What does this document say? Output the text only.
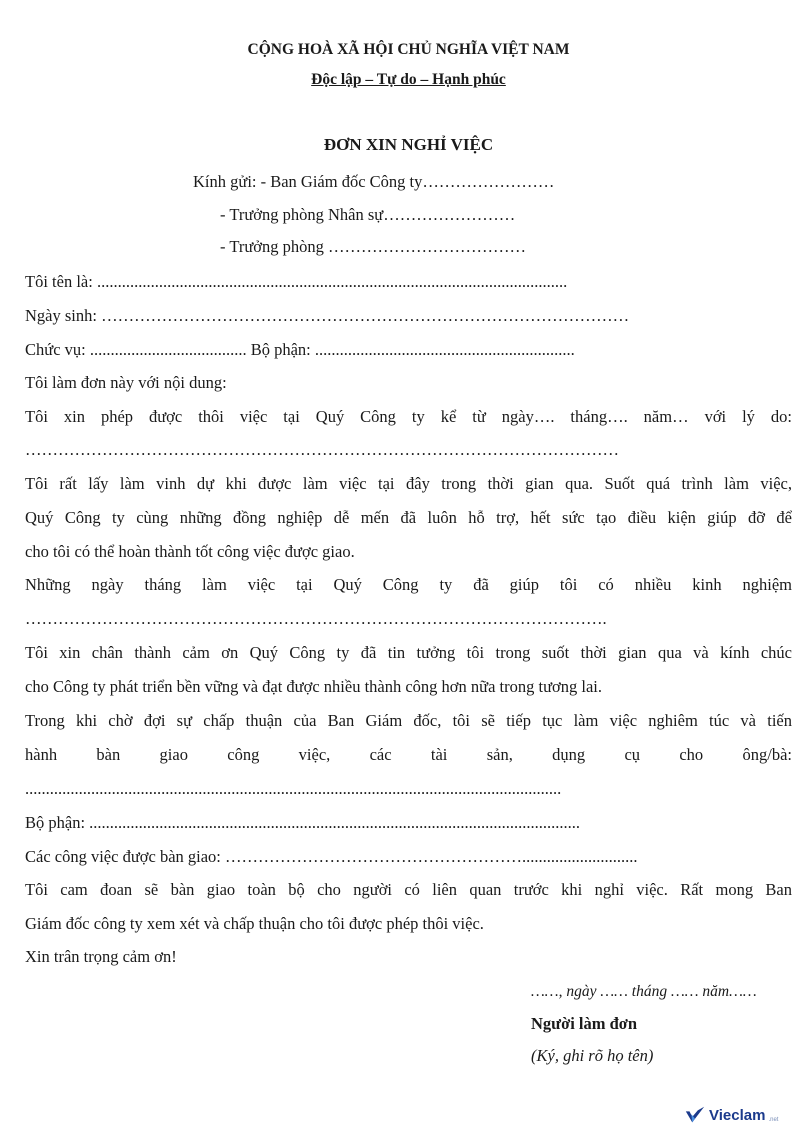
CỘNG HOÀ XÃ HỘI CHỦ NGHĨA VIỆT NAM
Độc lập – Tự do – Hạnh phúc
ĐƠN XIN NGHỈ VIỆC
Kính gửi: - Ban Giám đốc Công ty……………………
- Trưởng phòng Nhân sự……………………
- Trưởng phòng ………………………………
Tôi tên là: ..................................................................................................................
Ngày sinh: ……………………………………………………………………………………
Chức vụ: ...................................... Bộ phận: ...............................................................
Tôi làm đơn này với nội dung:
Tôi xin phép được thôi việc tại Quý Công ty kể từ ngày…. tháng…. năm… với lý do:
………………………………………………………………………………………………
Tôi rất lấy làm vinh dự khi được làm việc tại đây trong thời gian qua. Suốt quá trình làm việc,
Quý Công ty cùng những đồng nghiệp dễ mến đã luôn hỗ trợ, hết sức tạo điều kiện giúp đỡ để
cho tôi có thể hoàn thành tốt công việc được giao.
Những ngày tháng làm việc tại Quý Công ty đã giúp tôi có nhiều kinh nghiệm
…………………………………………………………………………………………….
Tôi xin chân thành cảm ơn Quý Công ty đã tin tưởng tôi trong suốt thời gian qua và kính chúc
cho Công ty phát triển bền vững và đạt được nhiều thành công hơn nữa trong tương lai.
Trong khi chờ đợi sự chấp thuận của Ban Giám đốc, tôi sẽ tiếp tục làm việc nghiêm túc và tiến
hành bàn giao công việc, các tài sản, dụng cụ cho ông/bà:
..................................................................................................................................
Bộ phận: .......................................................................................................................
Các công việc được bàn giao: ………………………………………………............................
Tôi cam đoan sẽ bàn giao toàn bộ cho người có liên quan trước khi nghỉ việc. Rất mong Ban
Giám đốc công ty xem xét và chấp thuận cho tôi được phép thôi việc.
Xin trân trọng cảm ơn!
……, ngày …… tháng …… năm……
Người làm đơn
(Ký, ghi rõ họ tên)
Vieclam .net
